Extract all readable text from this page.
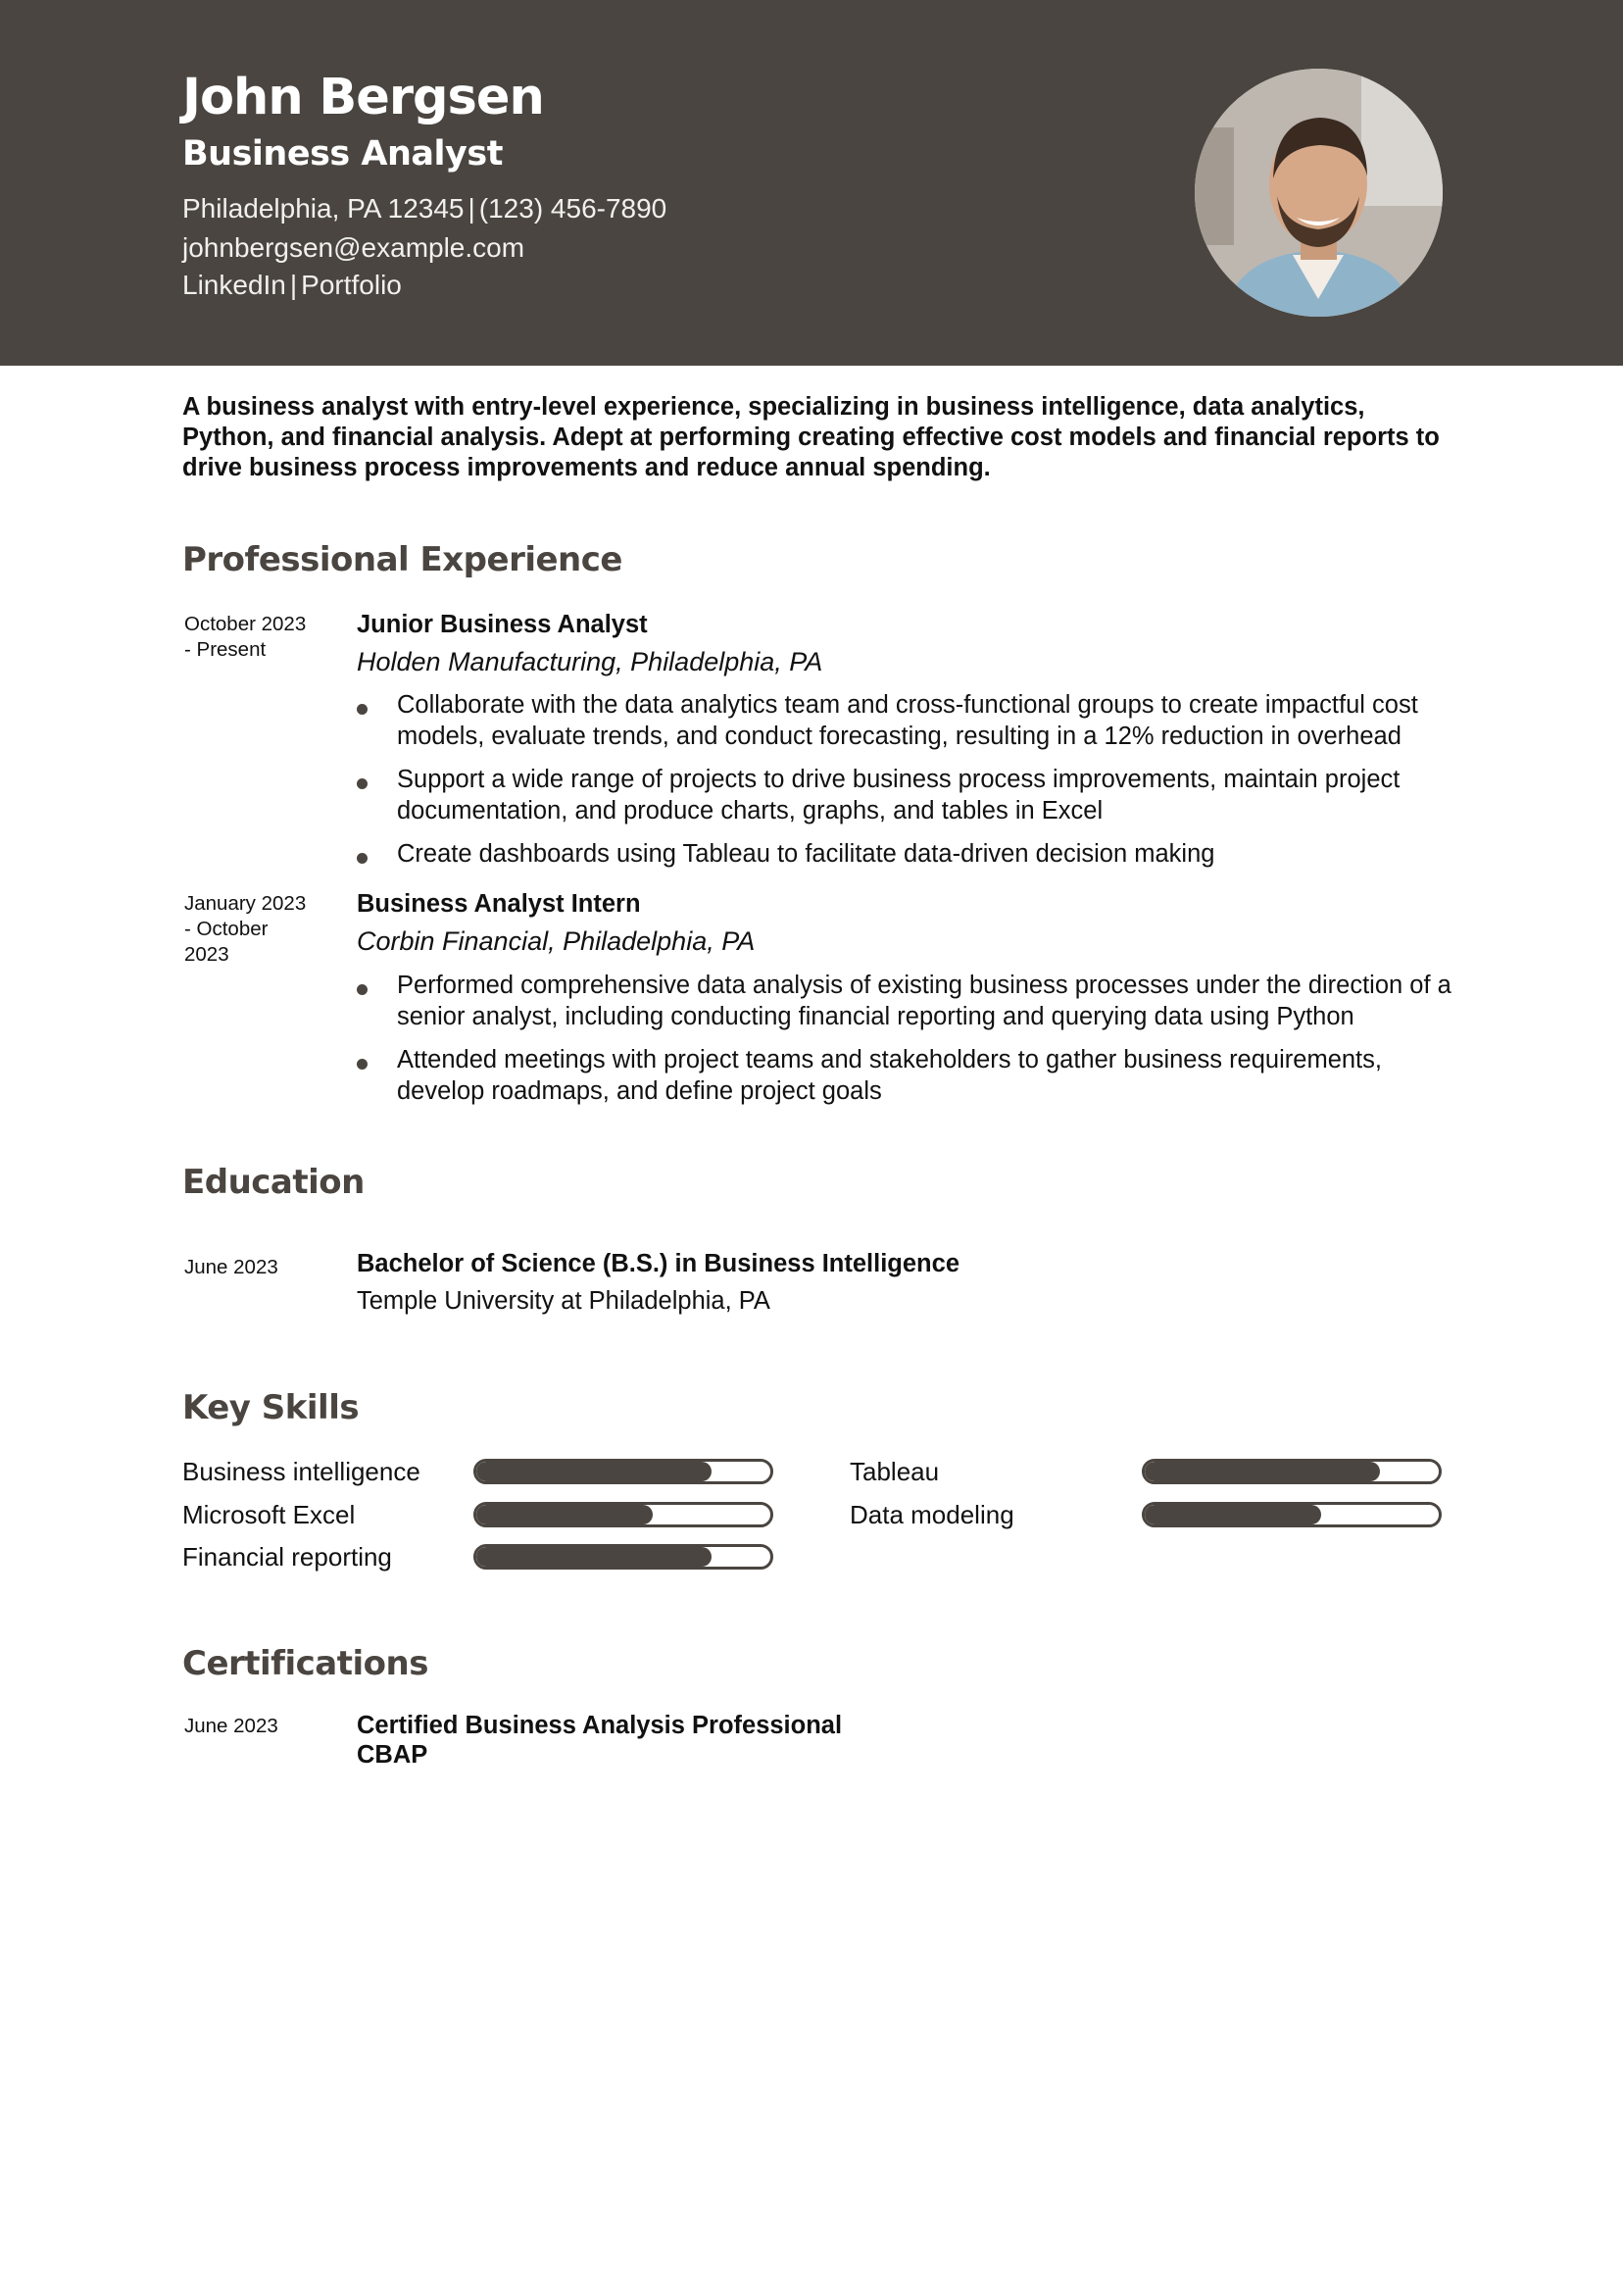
John Bergsen
Business Analyst
Philadelphia, PA 12345 | (123) 456-7890
johnbergsen@example.com
LinkedIn | Portfolio

A business analyst with entry-level experience, specializing in business intelligence, data analytics, Python, and financial analysis. Adept at performing creating effective cost models and financial reports to drive business process improvements and reduce annual spending.

Professional Experience
October 2023
- Present
Junior Business Analyst
Holden Manufacturing, Philadelphia, PA
Collaborate with the data analytics team and cross-functional groups to create impactful cost models, evaluate trends, and conduct forecasting, resulting in a 12% reduction in overhead
Support a wide range of projects to drive business process improvements, maintain project documentation, and produce charts, graphs, and tables in Excel
Create dashboards using Tableau to facilitate data-driven decision making
January 2023
- October
2023
Business Analyst Intern
Corbin Financial, Philadelphia, PA
Performed comprehensive data analysis of existing business processes under the direction of a senior analyst, including conducting financial reporting and querying data using Python
Attended meetings with project teams and stakeholders to gather business requirements, develop roadmaps, and define project goals
Education
June 2023	Bachelor of Science (B.S.) in Business Intelligence
Temple University at Philadelphia, PA
Key Skills
Business intelligence	Tableau
Microsoft Excel	Data modeling
Financial reporting
Certifications
June 2023	Certified Business Analysis Professional
CBAP
